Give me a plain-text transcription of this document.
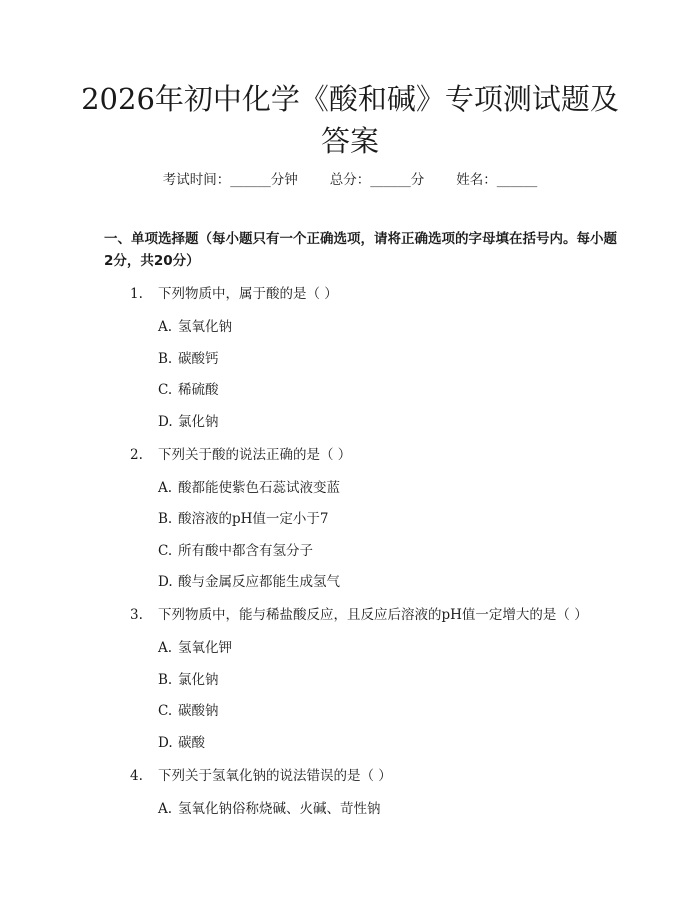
2026年初中化学《酸和碱》专项测试题及答案
考试时间：______分钟 总分：______分 姓名：______
一、单项选择题（每小题只有一个正确选项，请将正确选项的字母填在括号内。每小题2分，共20分）
1. 下列物质中，属于酸的是（ ）
A. 氢氧化钠
B. 碳酸钙
C. 稀硫酸
D. 氯化钠
2. 下列关于酸的说法正确的是（ ）
A. 酸都能使紫色石蕊试液变蓝
B. 酸溶液的pH值一定小于7
C. 所有酸中都含有氢分子
D. 酸与金属反应都能生成氢气
3. 下列物质中，能与稀盐酸反应，且反应后溶液的pH值一定增大的是（ ）
A. 氢氧化钾
B. 氯化钠
C. 碳酸钠
D. 碳酸
4. 下列关于氢氧化钠的说法错误的是（ ）
A. 氢氧化钠俗称烧碱、火碱、苛性钠
